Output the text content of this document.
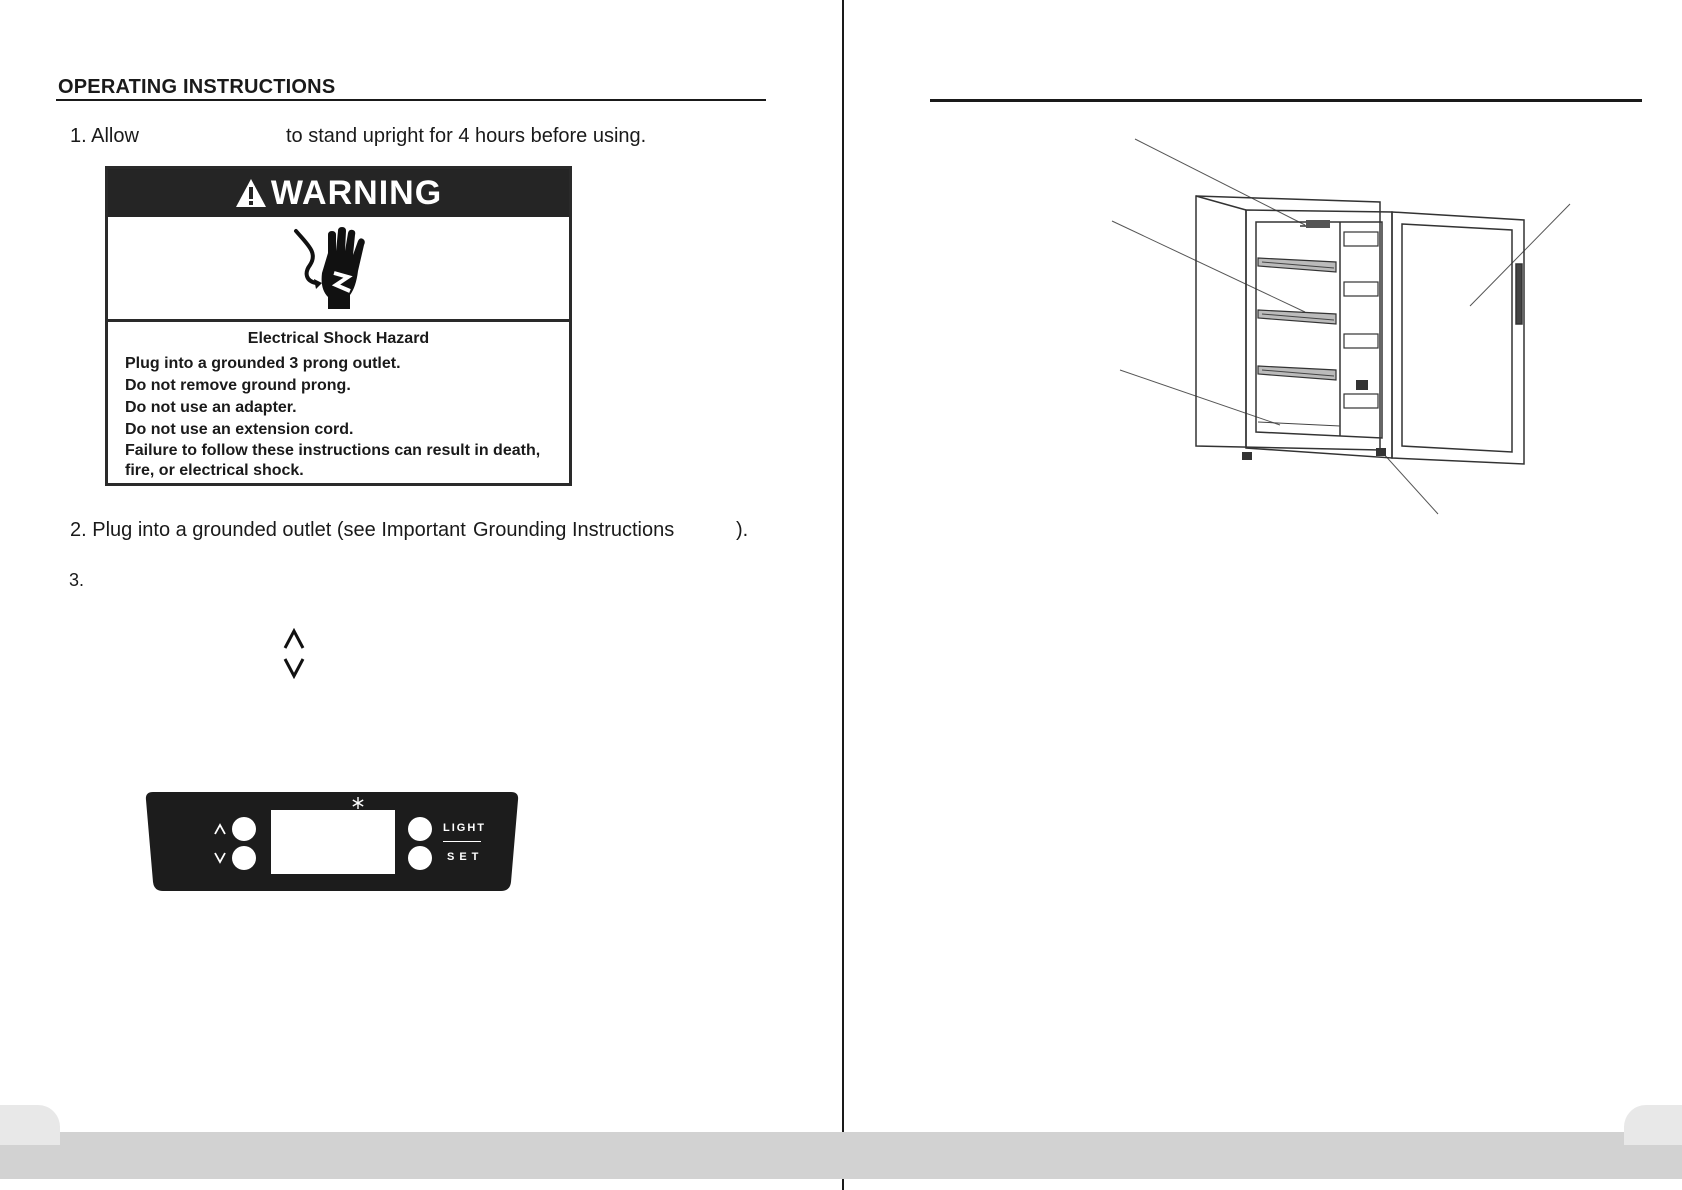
OPERATING INSTRUCTIONS
1. Allow	to stand upright for 4 hours before using.
WARNING
Electrical Shock Hazard
Plug into a grounded 3 prong outlet.
Do not remove ground prong.
Do not use an adapter.
Do not use an extension cord.
Failure to follow these instructions can result in death,
fire, or electrical shock.
2. Plug into a grounded outlet (see Important Grounding Instructions	).
3.
LIGHT
SET
